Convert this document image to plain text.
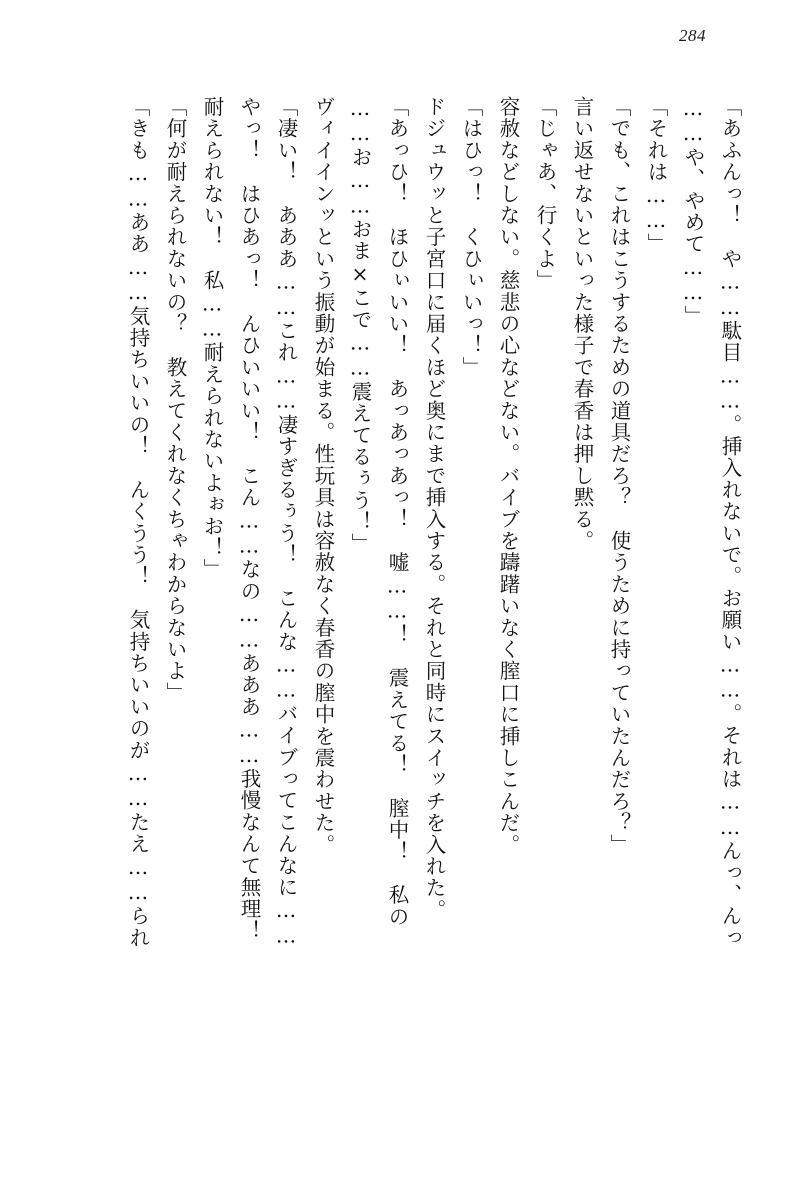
284
「あふんっ！　や……駄目……。挿入れないで。お願い……。それは……んっ、んっ
……や、やめて……」
「それは……」
「でも、これはこうするための道具だろ？　使うために持っていたんだろ？」
言い返せないといった様子で春香は押し黙る。
「じゃあ、行くよ」
容赦などしない。慈悲の心などない。バイブを躊躇いなく膣口に挿しこんだ。
「はひっ！　くひぃいっ！」
ドジュウッと子宮口に届くほど奥にまで挿入する。それと同時にスイッチを入れた。
「あっひ！　ほひぃいい！　あっあっあっ！　嘘……！　震えてる！　膣中！　私の
……お……おま×こで……震えてるぅう！」
ヴィイインッという振動が始まる。性玩具は容赦なく春香の膣中を震わせた。
「凄い！　あああ……これ……凄すぎるぅう！　こんな……バイブってこんなに……
やっ！　はひあっ！　んひいいい！　こん……なの……あああ……我慢なんて無理！
耐えられない！　私……耐えられないよぉお！」
「何が耐えられないの？　教えてくれなくちゃわからないよ」
「きも……ああ……気持ちいいの！　んくうう！　気持ちいいのが……たえ……られ
